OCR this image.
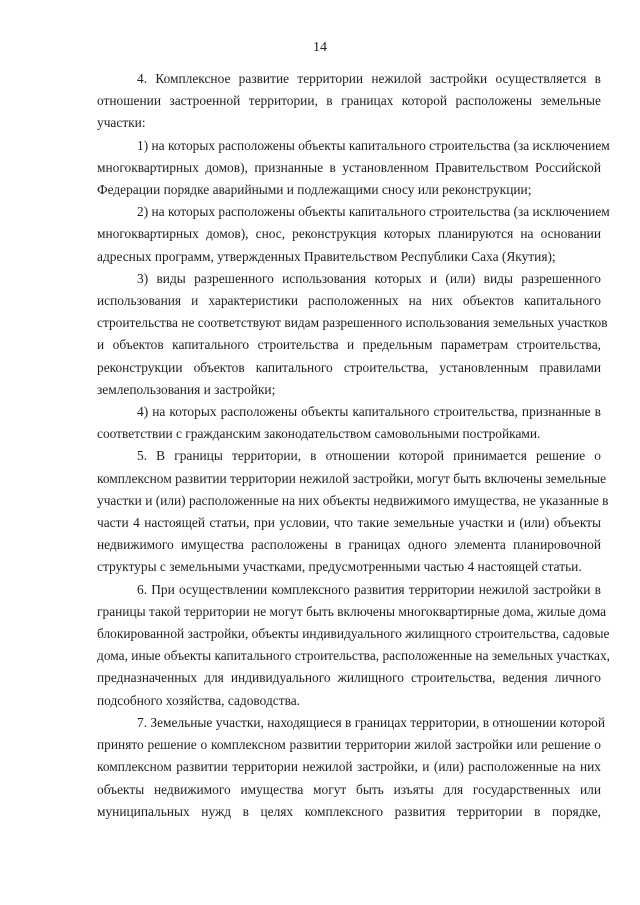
14
4. Комплексное развитие территории нежилой застройки осуществляется в
отношении застроенной территории, в границах которой расположены земельные
участки:
1) на которых расположены объекты капитального строительства (за исключением
многоквартирных домов), признанные в установленном Правительством Российской
Федерации порядке аварийными и подлежащими сносу или реконструкции;
2) на которых расположены объекты капитального строительства (за исключением
многоквартирных домов), снос, реконструкция которых планируются на основании
адресных программ, утвержденных Правительством Республики Саха (Якутия);
3) виды разрешенного использования которых и (или) виды разрешенного
использования и характеристики расположенных на них объектов капитального
строительства не соответствуют видам разрешенного использования земельных участков
и объектов капитального строительства и предельным параметрам строительства,
реконструкции объектов капитального строительства, установленным правилами
землепользования и застройки;
4) на которых расположены объекты капитального строительства, признанные в
соответствии с гражданским законодательством самовольными постройками.
5. В границы территории, в отношении которой принимается решение о
комплексном развитии территории нежилой застройки, могут быть включены земельные
участки и (или) расположенные на них объекты недвижимого имущества, не указанные в
части 4 настоящей статьи, при условии, что такие земельные участки и (или) объекты
недвижимого имущества расположены в границах одного элемента планировочной
структуры с земельными участками, предусмотренными частью 4 настоящей статьи.
6. При осуществлении комплексного развития территории нежилой застройки в
границы такой территории не могут быть включены многоквартирные дома, жилые дома
блокированной застройки, объекты индивидуального жилищного строительства, садовые
дома, иные объекты капитального строительства, расположенные на земельных участках,
предназначенных для индивидуального жилищного строительства, ведения личного
подсобного хозяйства, садоводства.
7. Земельные участки, находящиеся в границах территории, в отношении которой
принято решение о комплексном развитии территории жилой застройки или решение о
комплексном развитии территории нежилой застройки, и (или) расположенные на них
объекты недвижимого имущества могут быть изъяты для государственных или
муниципальных нужд в целях комплексного развития территории в порядке,
